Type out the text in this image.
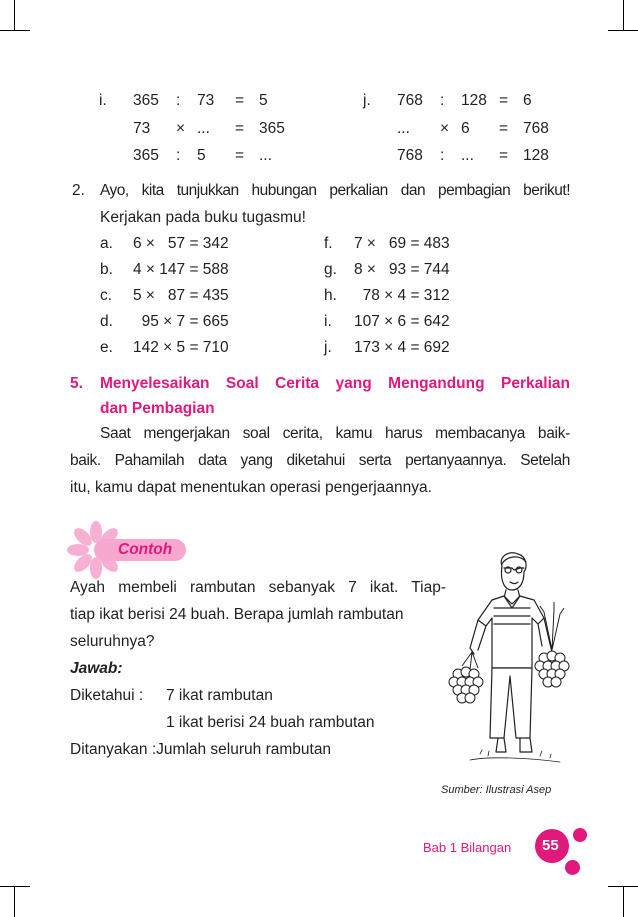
i. 365 : 73 = 5
73 × ... = 365
365 : 5 = ...
j. 768 : 128 = 6
... × 6 = 768
768 : ... = 128
2. Ayo, kita tunjukkan hubungan perkalian dan pembagian berikut!
Kerjakan pada buku tugasmu!
a. 6 ×   57 = 342
b. 4 × 147 = 588
c. 5 ×   87 = 435
d. 95 × 7 = 665
e. 142 × 5 = 710
f. 7 ×   69 = 483
g. 8 ×   93 = 744
h. 78 × 4 = 312
i. 107 × 6 = 642
j. 173 × 4 = 692
5. Menyelesaikan Soal Cerita yang Mengandung Perkalian
dan Pembagian
Saat mengerjakan soal cerita, kamu harus membacanya baik-
baik. Pahamilah data yang diketahui serta pertanyaannya. Setelah
itu, kamu dapat menentukan operasi pengerjaannya.
Contoh
Ayah membeli rambutan sebanyak 7 ikat. Tiap-
tiap ikat berisi 24 buah. Berapa jumlah rambutan
seluruhnya?
Jawab:
Diketahui : 7 ikat rambutan
1 ikat berisi 24 buah rambutan
Ditanyakan :Jumlah seluruh rambutan
Sumber: Ilustrasi Asep
Bab 1 Bilangan 55
